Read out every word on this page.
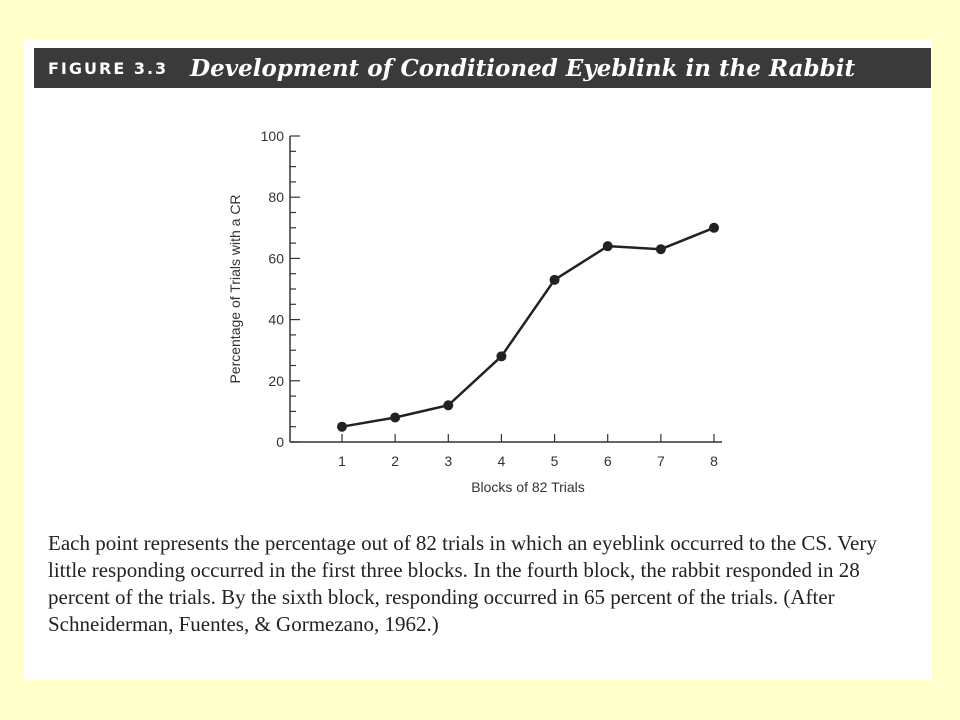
FIGURE 3.3 Development of Conditioned Eyeblink in the Rabbit
0
20
40
60
80
100
1	2	3	4	5	6	7	8
Blocks of 82 Trials
Percentage of Trials with a CR
Each point represents the percentage out of 82 trials in which an eyeblink occurred to the CS. Very little responding occurred in the first three blocks. In the fourth block, the rabbit responded in 28 percent of the trials. By the sixth block, responding occurred in 65 percent of the trials. (After Schneiderman, Fuentes, & Gormezano, 1962.)
